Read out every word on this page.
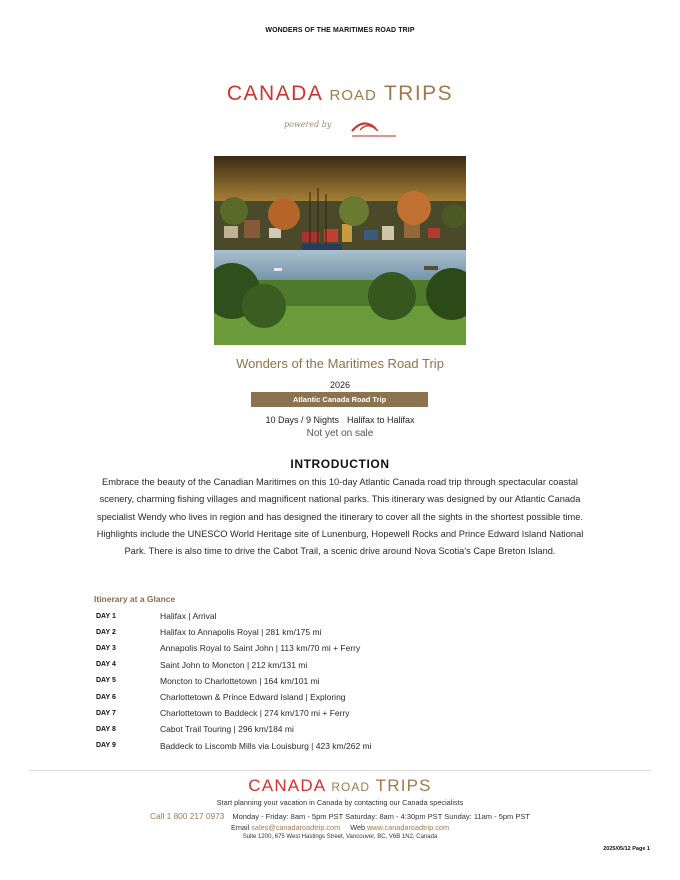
WONDERS OF THE MARITIMES ROAD TRIP
CANADA ROAD TRIPS
powered by
Wonders of the Maritimes Road Trip
2026
Atlantic Canada Road Trip
10 Days / 9 Nights Halifax to Halifax
Not yet on sale
INTRODUCTION
Embrace the beauty of the Canadian Maritimes on this 10-day Atlantic Canada road trip through spectacular coastal scenery, charming fishing villages and magnificent national parks. This itinerary was designed by our Atlantic Canada specialist Wendy who lives in region and has designed the itinerary to cover all the sights in the shortest possible time. Highlights include the UNESCO World Heritage site of Lunenburg, Hopewell Rocks and Prince Edward Island National Park. There is also time to drive the Cabot Trail, a scenic drive around Nova Scotia's Cape Breton Island.
Itinerary at a Glance
DAY 1	Halifax | Arrival
DAY 2	Halifax to Annapolis Royal | 281 km/175 mi
DAY 3	Annapolis Royal to Saint John | 113 km/70 mi + Ferry
DAY 4	Saint John to Moncton | 212 km/131 mi
DAY 5	Moncton to Charlottetown | 164 km/101 mi
DAY 6	Charlottetown & Prince Edward Island | Exploring
DAY 7	Charlottetown to Baddeck | 274 km/170 mi + Ferry
DAY 8	Cabot Trail Touring | 296 km/184 mi
DAY 9	Baddeck to Liscomb Mills via Louisburg | 423 km/262 mi
CANADA ROAD TRIPS
Start planning your vacation in Canada by contacting our Canada specialists
Call 1 800 217 0973 Monday - Friday: 8am - 5pm PST Saturday: 8am - 4:30pm PST Sunday: 11am - 5pm PST
Email sales@canadaroadtrip.com Web www.canadaroadtrip.com
Suite 1200, 675 West Hastings Street, Vancouver, BC, V6B 1N2, Canada
2025/05/12 Page 1
